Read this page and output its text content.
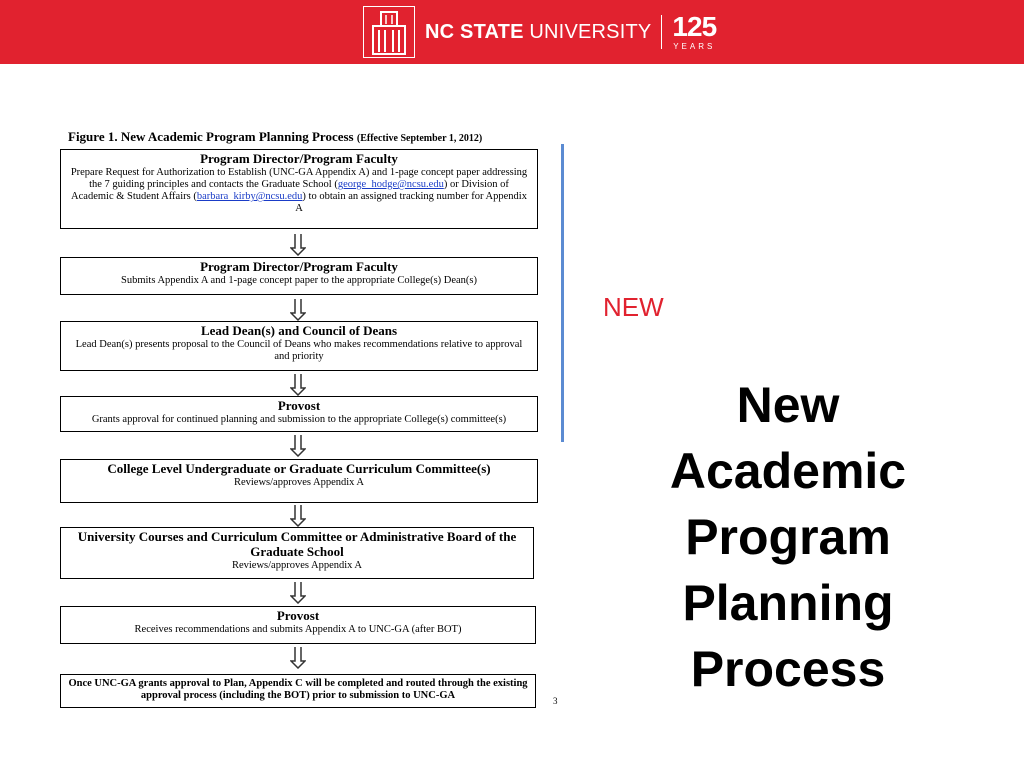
NC STATE UNIVERSITY 125
YEARS
Figure 1. New Academic Program Planning Process (Effective September 1, 2012)
Program Director/Program Faculty
Prepare Request for Authorization to Establish (UNC-GA Appendix A) and 1-page concept paper addressing the 7 guiding principles and contacts the Graduate School (george_hodge@ncsu.edu) or Division of Academic & Student Affairs (barbara_kirby@ncsu.edu) to obtain an assigned tracking number for Appendix A
Program Director/Program Faculty
Submits Appendix A and 1-page concept paper to the appropriate College(s) Dean(s)
Lead Dean(s) and Council of Deans
Lead Dean(s) presents proposal to the Council of Deans who makes recommendations relative to approval and priority
Provost
Grants approval for continued planning and submission to the appropriate College(s) committee(s)
College Level Undergraduate or Graduate Curriculum Committee(s)
Reviews/approves Appendix A
University Courses and Curriculum Committee or Administrative Board of the Graduate School
Reviews/approves Appendix A
Provost
Receives recommendations and submits Appendix A to UNC-GA (after BOT)
Once UNC-GA grants approval to Plan, Appendix C will be completed and routed through the existing approval process (including the BOT) prior to submission to UNC-GA	3
NEW
New Academic Program Planning Process
